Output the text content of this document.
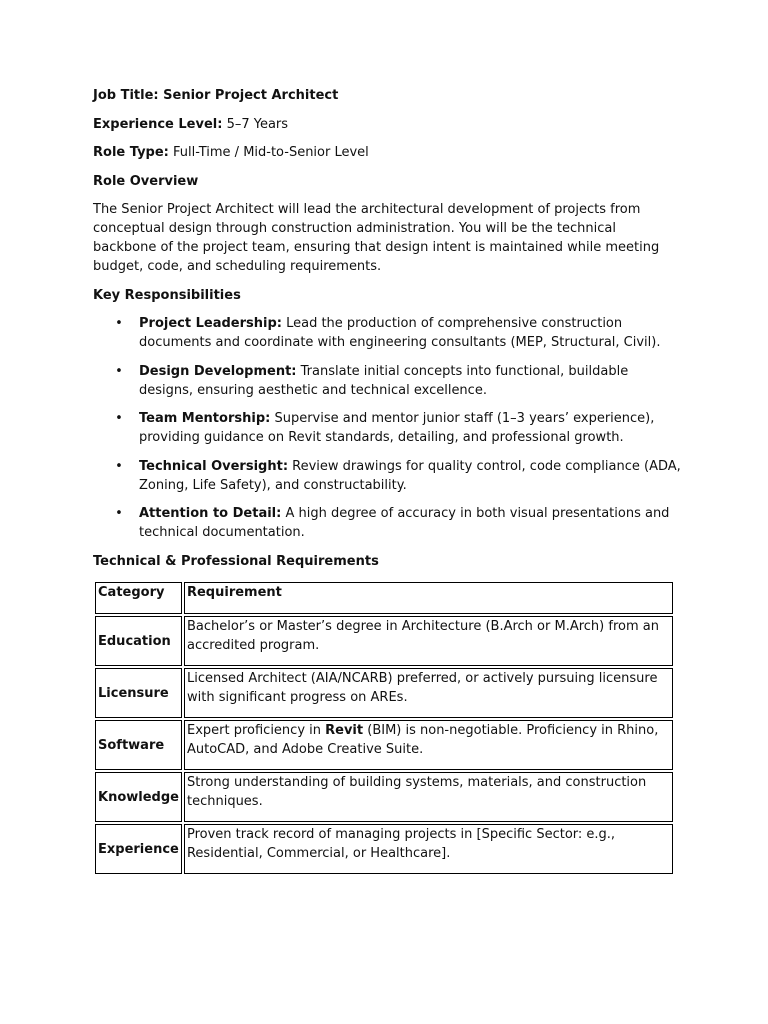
Job Title: Senior Project Architect
Experience Level: 5–7 Years
Role Type: Full-Time / Mid-to-Senior Level
Role Overview
The Senior Project Architect will lead the architectural development of projects from conceptual design through construction administration. You will be the technical backbone of the project team, ensuring that design intent is maintained while meeting budget, code, and scheduling requirements.
Key Responsibilities
• Project Leadership: Lead the production of comprehensive construction documents and coordinate with engineering consultants (MEP, Structural, Civil).
• Design Development: Translate initial concepts into functional, buildable designs, ensuring aesthetic and technical excellence.
• Team Mentorship: Supervise and mentor junior staff (1–3 years’ experience), providing guidance on Revit standards, detailing, and professional growth.
• Technical Oversight: Review drawings for quality control, code compliance (ADA, Zoning, Life Safety), and constructability.
• Attention to Detail: A high degree of accuracy in both visual presentations and technical documentation.
Technical & Professional Requirements
Category	Requirement
Education	Bachelor’s or Master’s degree in Architecture (B.Arch or M.Arch) from an accredited program.
Licensure	Licensed Architect (AIA/NCARB) preferred, or actively pursuing licensure with significant progress on AREs.
Software	Expert proficiency in Revit (BIM) is non-negotiable. Proficiency in Rhino, AutoCAD, and Adobe Creative Suite.
Knowledge	Strong understanding of building systems, materials, and construction techniques.
Experience	Proven track record of managing projects in [Specific Sector: e.g., Residential, Commercial, or Healthcare].
